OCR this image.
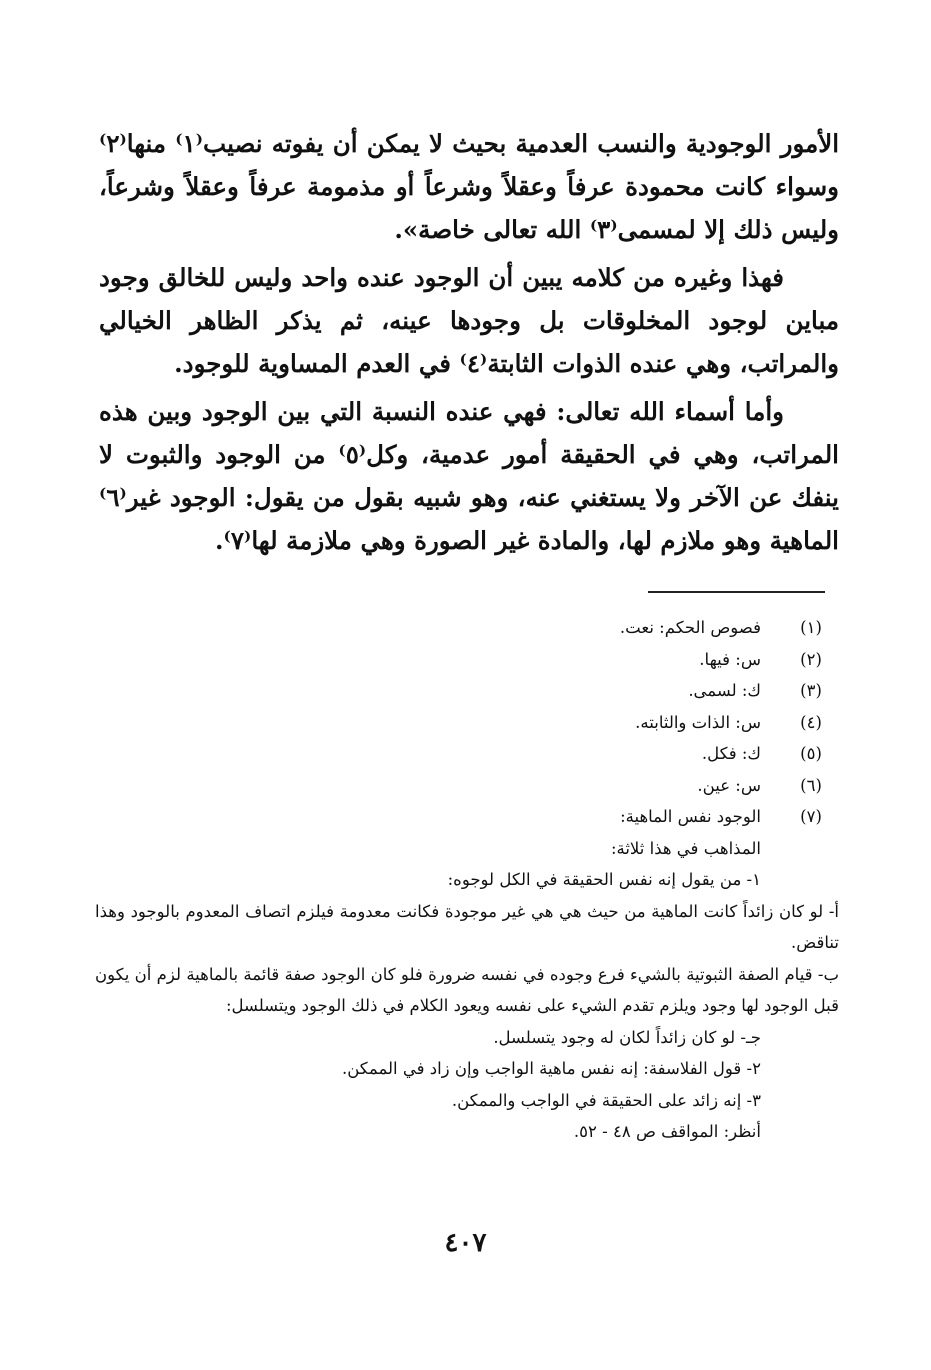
الأمور الوجودية والنسب العدمية بحيث لا يمكن أن يفوته نصيب⁽١⁾ منها⁽٢⁾ وسواء كانت محمودة عرفاً وعقلاً وشرعاً أو مذمومة عرفاً وعقلاً وشرعاً، وليس ذلك إلا لمسمى⁽٣⁾ الله تعالى خاصة».

فهذا وغيره من كلامه يبين أن الوجود عنده واحد وليس للخالق وجود مباين لوجود المخلوقات بل وجودها عينه، ثم يذكر الظاهر الخيالي والمراتب، وهي عنده الذوات الثابتة⁽٤⁾ في العدم المساوية للوجود.

وأما أسماء الله تعالى: فهي عنده النسبة التي بين الوجود وبين هذه المراتب، وهي في الحقيقة أمور عدمية، وكل⁽٥⁾ من الوجود والثبوت لا ينفك عن الآخر ولا يستغني عنه، وهو شبيه بقول من يقول: الوجود غير⁽٦⁾ الماهية وهو ملازم لها، والمادة غير الصورة وهي ملازمة لها⁽٧⁾.

(١)
فصوص الحكم: نعت.
(٢)
س: فيها.
(٣)
ك: لسمى.
(٤)
س: الذات والثابته.
(٥)
ك: فكل.
(٦)
س: عين.
(٧)
الوجود نفس الماهية:
المذاهب في هذا ثلاثة:
١- من يقول إنه نفس الحقيقة في الكل لوجوه:
أ- لو كان زائداً كانت الماهية من حيث هي هي غير موجودة فكانت معدومة فيلزم اتصاف المعدوم بالوجود وهذا تناقض.
ب- قيام الصفة الثبوتية بالشيء فرع وجوده في نفسه ضرورة فلو كان الوجود صفة قائمة بالماهية لزم أن يكون قبل الوجود لها وجود ويلزم تقدم الشيء على نفسه ويعود الكلام في ذلك الوجود ويتسلسل:
جـ- لو كان زائداً لكان له وجود يتسلسل.
٢- قول الفلاسفة: إنه نفس ماهية الواجب وإن زاد في الممكن.
٣- إنه زائد على الحقيقة في الواجب والممكن.
أنظر: المواقف ص ٤٨ - ٥٢.
٤٠٧
